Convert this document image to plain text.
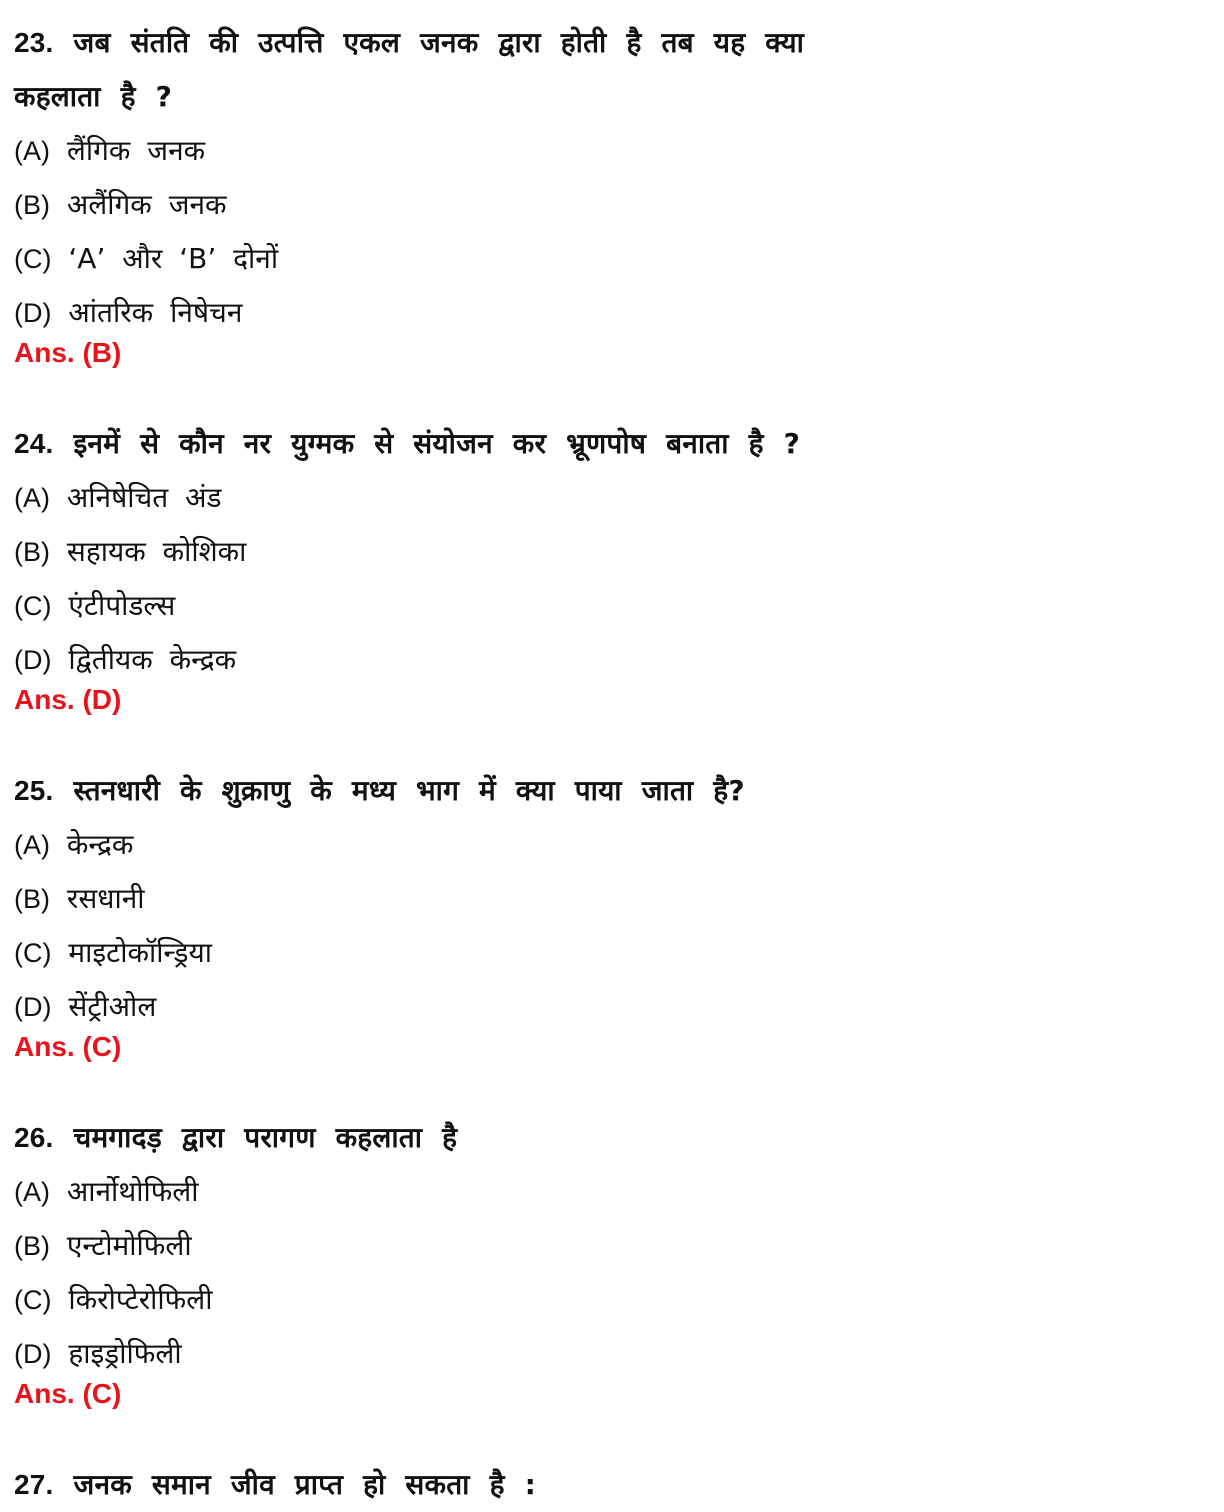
23. जब संतति की उत्पत्ति एकल जनक द्वारा होती है तब यह क्या कहलाता है ?

(A) लैंगिक जनक
(B) अलैंगिक जनक
(C) ‘A’ और ‘B’ दोनों
(D) आंतरिक निषेचन

Ans. (B)

24. इनमें से कौन नर युग्मक से संयोजन कर भ्रूणपोष बनाता है ?

(A) अनिषेचित अंड
(B) सहायक कोशिका
(C) एंटीपोडल्स
(D) द्वितीयक केन्द्रक

Ans. (D)

25. स्तनधारी के शुक्राणु के मध्य भाग में क्या पाया जाता है?

(A) केन्द्रक
(B) रसधानी
(C) माइटोकॉन्ड्रिया
(D) सेंट्रीओल

Ans. (C)

26. चमगादड़ द्वारा परागण कहलाता है

(A) आर्नोथोफिली
(B) एन्टोमोफिली
(C) किरोप्टेरोफिली
(D) हाइड्रोफिली

Ans. (C)

27. जनक समान जीव प्राप्त हो सकता है :
